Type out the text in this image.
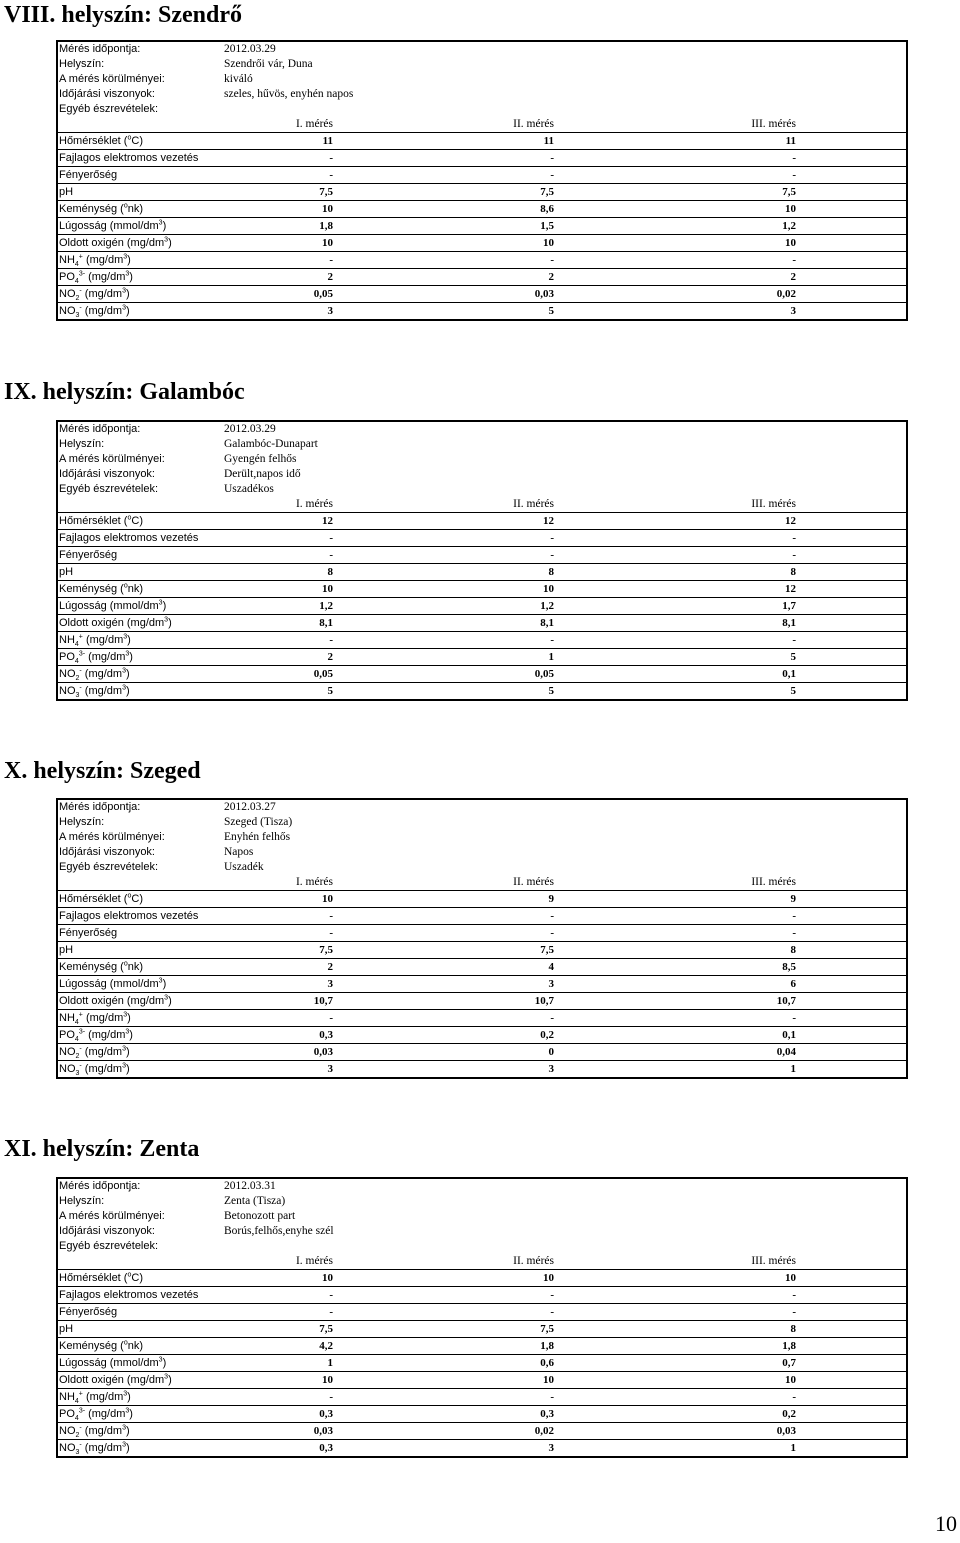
VIII. helyszín: Szendrő
Mérés időpontja:	2012.03.29		
Helyszín:	Szendrői vár, Duna		
A mérés körülményei:	kiváló		
Időjárási viszonyok:	szeles, hűvös, enyhén napos		
Egyéb észrevételek:			
	I. mérés	II. mérés	III. mérés
Hőmérséklet ($^o$C)	11	11	11
Fajlagos elektromos vezetés	-	-	-
Fényerőség	-	-	-
pH	7,5	7,5	7,5
Keménység ($^o$nk)	10	8,6	10
Lúgosság $(mmol/dm^3)$	1,8	1,5	1,2
Oldott oxigén $(mg/dm^3)$	10	10	10
$NH_4^+$ $(mg/dm^3)$	-	-	-
$PO_4^{3-}$ $(mg/dm^3)$	2	2	2
$NO_2^-$ $(mg/dm^3)$	0,05	0,03	0,02
$NO_3^-$ $(mg/dm^3)$	3	5	3
IX. helyszín: Galambóc
Mérés időpontja:	2012.03.29		
Helyszín:	Galambóc-Dunapart		
A mérés körülményei:	Gyengén felhős		
Időjárási viszonyok:	Derült,napos idő		
Egyéb észrevételek:	Uszadékos		
	I. mérés	II. mérés	III. mérés
Hőmérséklet ($^o$C)	12	12	12
Fajlagos elektromos vezetés	-	-	-
Fényerőség	-	-	-
pH	8	8	8
Keménység ($^o$nk)	10	10	12
Lúgosság $(mmol/dm^3)$	1,2	1,2	1,7
Oldott oxigén $(mg/dm^3)$	8,1	8,1	8,1
$NH_4^+$ $(mg/dm^3)$	-	-	-
$PO_4^{3-}$ $(mg/dm^3)$	2	1	5
$NO_2^-$ $(mg/dm^3)$	0,05	0,05	0,1
$NO_3^-$ $(mg/dm^3)$	5	5	5
X. helyszín: Szeged
Mérés időpontja:	2012.03.27		
Helyszín:	Szeged (Tisza)		
A mérés körülményei:	Enyhén felhős		
Időjárási viszonyok:	Napos		
Egyéb észrevételek:	Uszadék		
	I. mérés	II. mérés	III. mérés
Hőmérséklet ($^o$C)	10	9	9
Fajlagos elektromos vezetés	-	-	-
Fényerőség	-	-	-
pH	7,5	7,5	8
Keménység ($^o$nk)	2	4	8,5
Lúgosság $(mmol/dm^3)$	3	3	6
Oldott oxigén $(mg/dm^3)$	10,7	10,7	10,7
$NH_4^+$ $(mg/dm^3)$	-	-	-
$PO_4^{3-}$ $(mg/dm^3)$	0,3	0,2	0,1
$NO_2^-$ $(mg/dm^3)$	0,03	0	0,04
$NO_3^-$ $(mg/dm^3)$	3	3	1
XI. helyszín: Zenta
Mérés időpontja:	2012.03.31		
Helyszín:	Zenta (Tisza)		
A mérés körülményei:	Betonozott part		
Időjárási viszonyok:	Borús,felhős,enyhe szél		
Egyéb észrevételek:			
	I. mérés	II. mérés	III. mérés
Hőmérséklet ($^o$C)	10	10	10
Fajlagos elektromos vezetés	-	-	-
Fényerőség	-	-	-
pH	7,5	7,5	8
Keménység ($^o$nk)	4,2	1,8	1,8
Lúgosság $(mmol/dm^3)$	1	0,6	0,7
Oldott oxigén $(mg/dm^3)$	10	10	10
$NH_4^+$ $(mg/dm^3)$	-	-	-
$PO_4^{3-}$ $(mg/dm^3)$	0,3	0,3	0,2
$NO_2^-$ $(mg/dm^3)$	0,03	0,02	0,03
$NO_3^-$ $(mg/dm^3)$	0,3	3	1
10
